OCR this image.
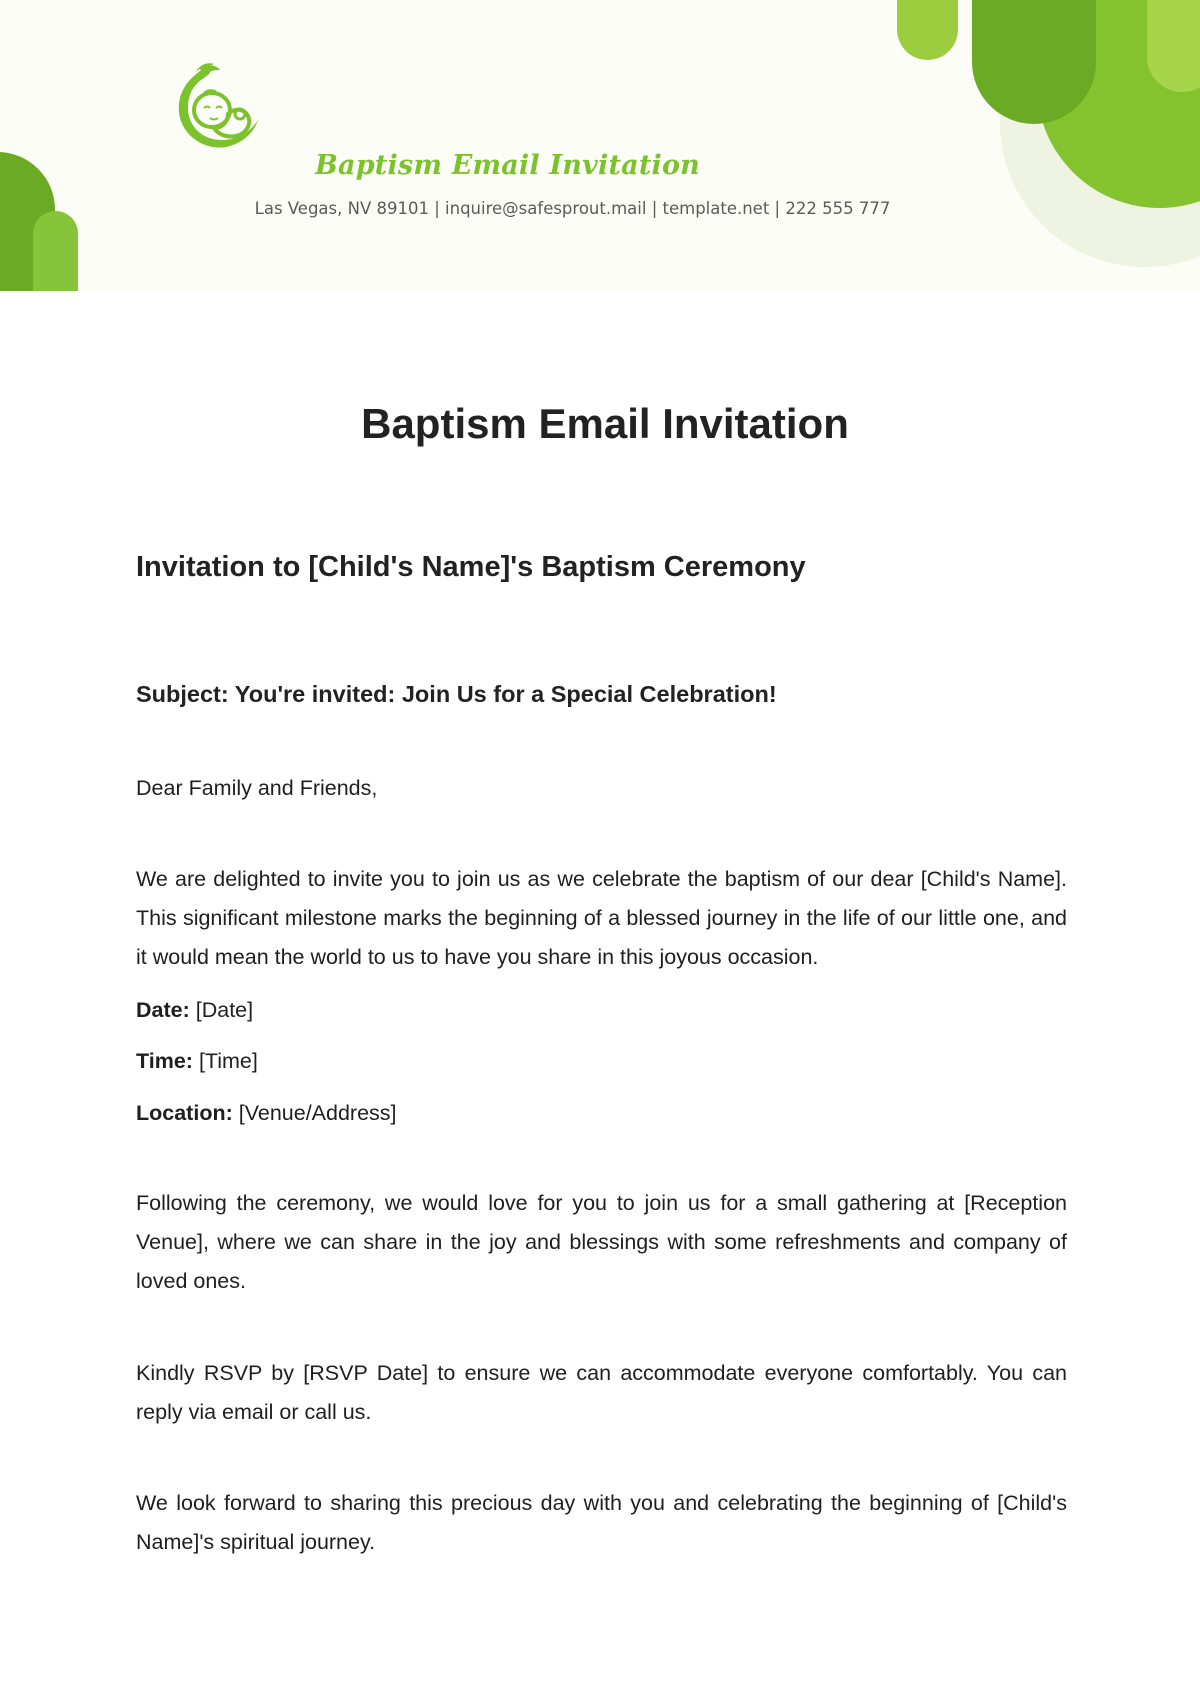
Baptism Email Invitation
Las Vegas, NV 89101 | inquire@safesprout.mail | template.net | 222 555 777
Baptism Email Invitation
Invitation to [Child's Name]'s Baptism Ceremony
Subject: You're invited: Join Us for a Special Celebration!
Dear Family and Friends,
We are delighted to invite you to join us as we celebrate the baptism of our dear [Child's Name]. This significant milestone marks the beginning of a blessed journey in the life of our little one, and it would mean the world to us to have you share in this joyous occasion.
Date: [Date]
Time: [Time]
Location: [Venue/Address]
Following the ceremony, we would love for you to join us for a small gathering at [Reception Venue], where we can share in the joy and blessings with some refreshments and company of loved ones.
Kindly RSVP by [RSVP Date] to ensure we can accommodate everyone comfortably. You can reply via email or call us.
We look forward to sharing this precious day with you and celebrating the beginning of [Child's Name]'s spiritual journey.
